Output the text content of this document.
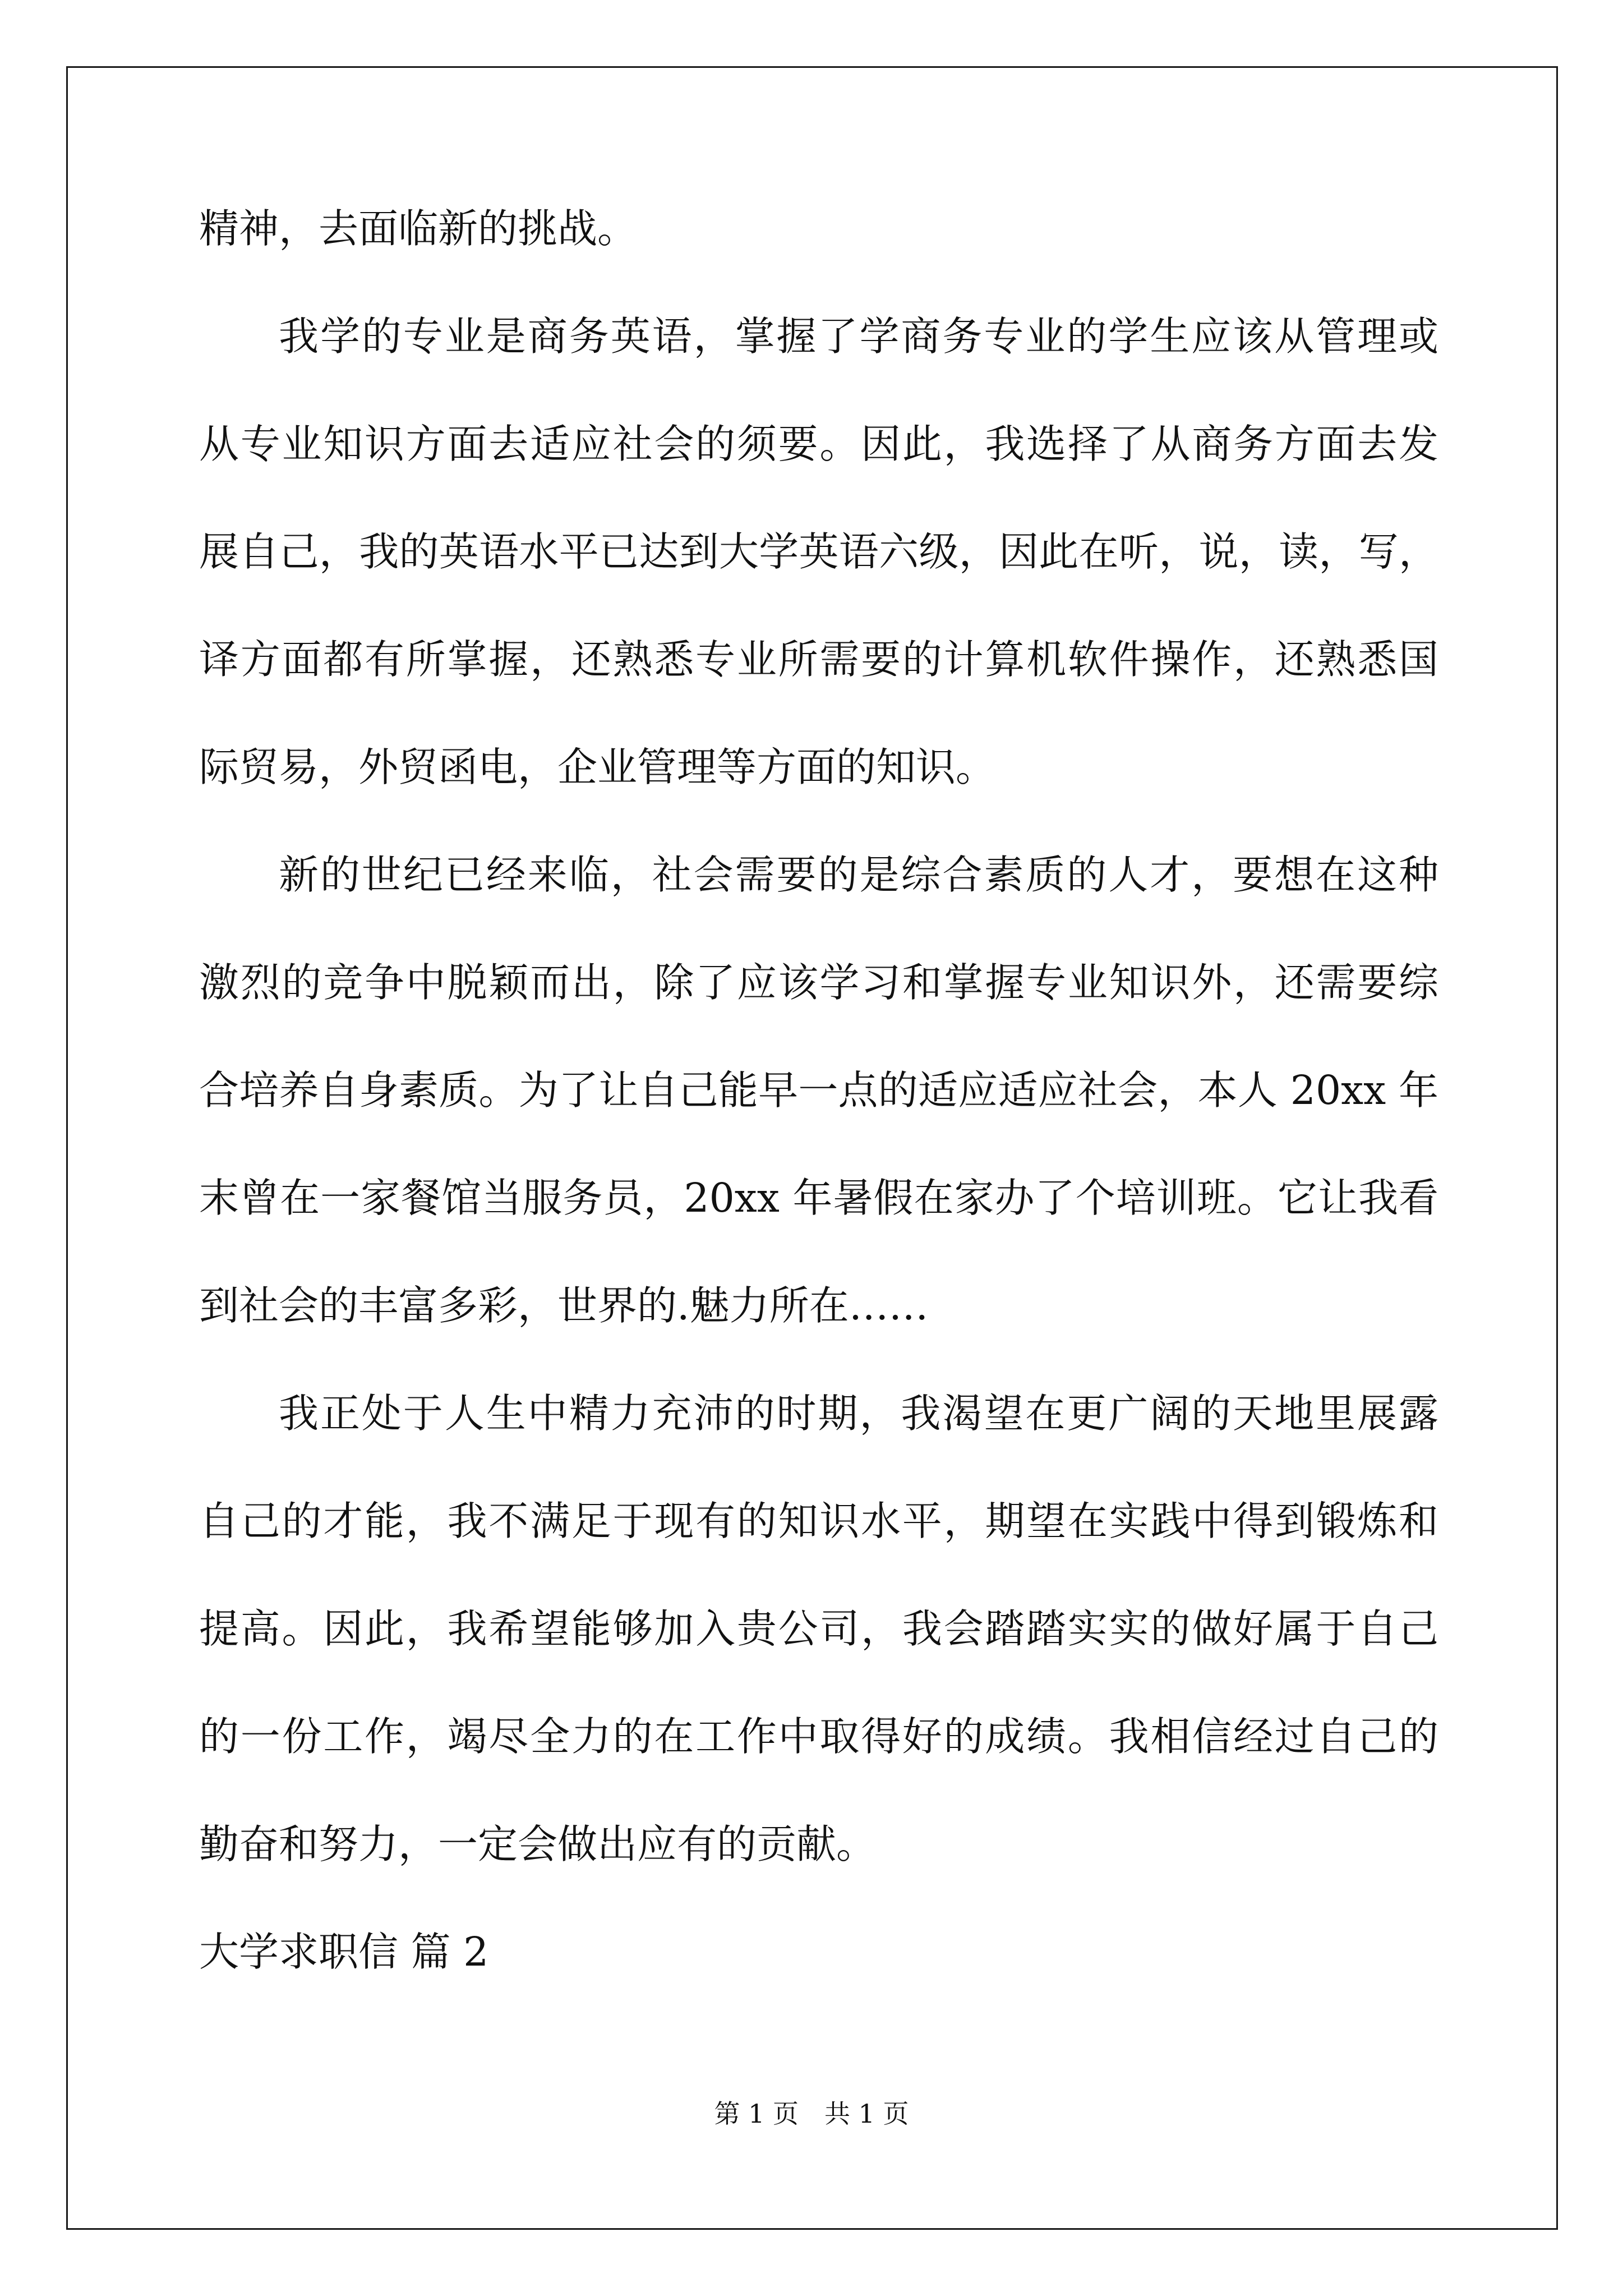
精神，去面临新的挑战。
我学的专业是商务英语，掌握了学商务专业的学生应该从管理或
从专业知识方面去适应社会的须要。因此，我选择了从商务方面去发
展自己，我的英语水平已达到大学英语六级，因此在听，说，读，写，
译方面都有所掌握，还熟悉专业所需要的计算机软件操作，还熟悉国
际贸易，外贸函电，企业管理等方面的知识。
新的世纪已经来临，社会需要的是综合素质的人才，要想在这种
激烈的竞争中脱颖而出，除了应该学习和掌握专业知识外，还需要综
合培养自身素质。为了让自己能早一点的适应适应社会，本人 20xx 年
末曾在一家餐馆当服务员，20xx 年暑假在家办了个培训班。它让我看
到社会的丰富多彩，世界的.魅力所在……
我正处于人生中精力充沛的时期，我渴望在更广阔的天地里展露
自己的才能，我不满足于现有的知识水平，期望在实践中得到锻炼和
提高。因此，我希望能够加入贵公司，我会踏踏实实的做好属于自己
的一份工作，竭尽全力的在工作中取得好的成绩。我相信经过自己的
勤奋和努力，一定会做出应有的贡献。
大学求职信 篇 2
第 1 页 共 1 页
